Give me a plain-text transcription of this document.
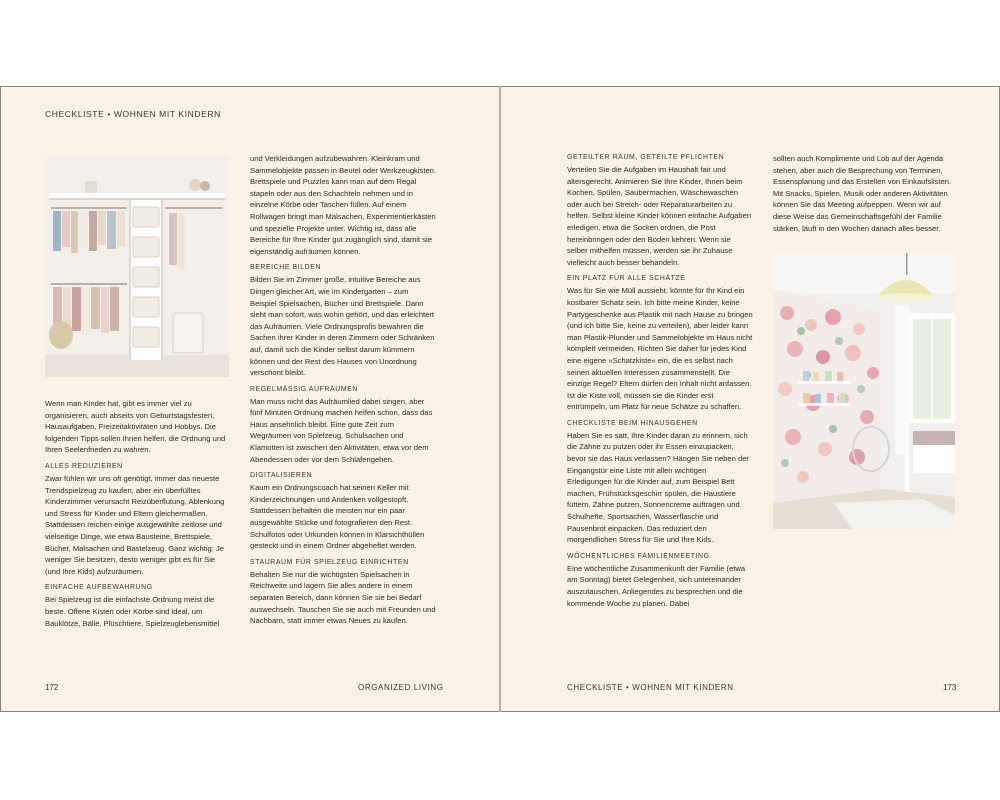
CHECKLISTE • WOHNEN MIT KINDERN

Wenn man Kinder hat, gibt es immer viel zu organisieren, auch abseits von Geburtstagsfesten, Hausaufgaben, Freizeitaktivitäten und Hobbys. Die folgenden Tipps sollen Ihnen helfen, die Ordnung und Ihren Seelenfrieden zu wahren.

ALLES REDUZIEREN

Zwar fühlen wir uns oft genötigt, immer das neueste Trendspielzeug zu kaufen, aber ein überfülltes Kinderzimmer verursacht Reizüberflutung, Ablenkung und Stress für Kinder und Eltern gleichermaßen. Stattdessen reichen einige ausgewählte zeitlose und vielseitige Dinge, wie etwa Bausteine, Brettspiele, Bücher, Malsachen und Bastelzeug. Ganz wichtig: Je weniger Sie besitzen, desto weniger gibt es für Sie (und Ihre Kids) aufzuräumen.

EINFACHE AUFBEWAHRUNG

Bei Spielzeug ist die einfachste Ordnung meist die beste. Offene Kisten oder Körbe sind ideal, um Bauklötze, Bälle, Plüschtiere, Spielzeuglebensmittel

und Verkleidungen aufzubewahren. Kleinkram und Sammelobjekte passen in Beutel oder Werkzeugkisten. Brettspiele und Puzzles kann man auf dem Regal stapeln oder aus den Schachteln nehmen und in einzelne Körbe oder Taschen füllen. Auf einem Rollwagen bringt man Malsachen, Experimentierkästen und spezielle Projekte unter. Wichtig ist, dass alle Bereiche für Ihre Kinder gut zugänglich sind, damit sie eigenständig aufräumen können.

BEREICHE BILDEN

Bilden Sie im Zimmer große, intuitive Bereiche aus Dingen gleicher Art, wie im Kindergarten – zum Beispiel Spielsachen, Bücher und Brettspiele. Dann sieht man sofort, was wohin gehört, und das erleichtert das Aufräumen. Viele Ordnungsprofis bewahren die Sachen ihrer Kinder in deren Zimmern oder Schränken auf, damit sich die Kinder selbst darum kümmern können und der Rest des Hauses von Unordnung verschont bleibt.

REGELMÄSSIG AUFRÄUMEN

Man muss nicht das Aufräumlied dabei singen, aber fünf Minuten Ordnung machen helfen schon, dass das Haus ansehnlich bleibt. Eine gute Zeit zum Wegräumen von Spielzeug, Schulsachen und Klamotten ist zwischen den Aktivitäten, etwa vor dem Abendessen oder vor dem Schlafengehen.

DIGITALISIEREN

Kaum ein Ordnungscoach hat seinen Keller mit Kinderzeichnungen und Andenken vollgestopft. Stattdessen behalten die meisten nur ein paar ausgewählte Stücke und fotografieren den Rest. Schulfotos oder Urkunden können in Klarsichthüllen gesteckt und in einem Ordner abgeheftet werden.

STAURAUM FÜR SPIELZEUG EINRICHTEN

Behalten Sie nur die wichtigsten Spielsachen in Reichweite und lagern Sie alles andere in einem separaten Bereich, dann können Sie sie bei Bedarf auswechseln. Tauschen Sie sie auch mit Freunden und Nachbarn, statt immer etwas Neues zu kaufen.

172	ORGANIZED LIVING
GETEILTER RAUM, GETEILTE PFLICHTEN

Verteilen Sie die Aufgaben im Haushalt fair und altersgerecht. Animieren Sie Ihre Kinder, Ihnen beim Kochen, Spülen, Saubermachen, Wäschewaschen oder auch bei Streich- oder Reparaturarbeiten zu helfen. Selbst kleine Kinder können einfache Aufgaben erledigen, etwa die Socken ordnen, die Post hereinbringen oder den Boden kehren. Wenn sie selber mithelfen müssen, werden sie ihr Zuhause vielleicht auch besser behandeln.

EIN PLATZ FÜR ALLE SCHÄTZE

Was für Sie wie Müll aussieht, könnte für Ihr Kind ein kostbarer Schatz sein. Ich bitte meine Kinder, keine Partygeschenke aus Plastik mit nach Hause zu bringen (und ich bitte Sie, keine zu verteilen), aber leider kann man Plastik-Plunder und Sammelobjekte im Haus nicht komplett vermeiden. Richten Sie daher für jedes Kind eine eigene »Schatzkiste« ein, die es selbst nach seinen aktuellen Interessen zusammenstellt. Die einzige Regel? Eltern dürfen den Inhalt nicht anfassen. Ist die Kiste voll, müssen sie die Kinder erst entrümpeln, um Platz für neue Schätze zu schaffen.

CHECKLISTE BEIM HINAUSGEHEN

Haben Sie es satt, Ihre Kinder daran zu erinnern, sich die Zähne zu putzen oder ihr Essen einzupacken, bevor sie das Haus verlassen? Hängen Sie neben der Eingangstür eine Liste mit allen wichtigen Erledigungen für die Kinder auf, zum Beispiel Bett machen, Frühstücksgeschirr spülen, die Haustiere füttern, Zähne putzen, Sonnencreme auftragen und Schulhefte, Sportsachen, Wasserflasche und Pausenbrot einpacken. Das reduziert den morgendlichen Stress für Sie und Ihre Kids.

WÖCHENTLICHES FAMILIENMEETING

Eine wöchentliche Zusammenkunft der Familie (etwa am Sonntag) bietet Gelegenheit, sich untereinander auszutauschen, Anliegendes zu besprechen und die kommende Woche zu planen. Dabei

sollten auch Komplimente und Lob auf der Agenda stehen, aber auch die Besprechung von Terminen, Essensplanung und das Erstellen von Einkaufslisten. Mit Snacks, Spielen, Musik oder anderen Aktivitäten können Sie das Meeting aufpeppen. Wenn wir auf diese Weise das Gemeinschaftsgefühl der Familie stärken, läuft in den Wochen danach alles besser.

CHECKLISTE • WOHNEN MIT KINDERN	173
